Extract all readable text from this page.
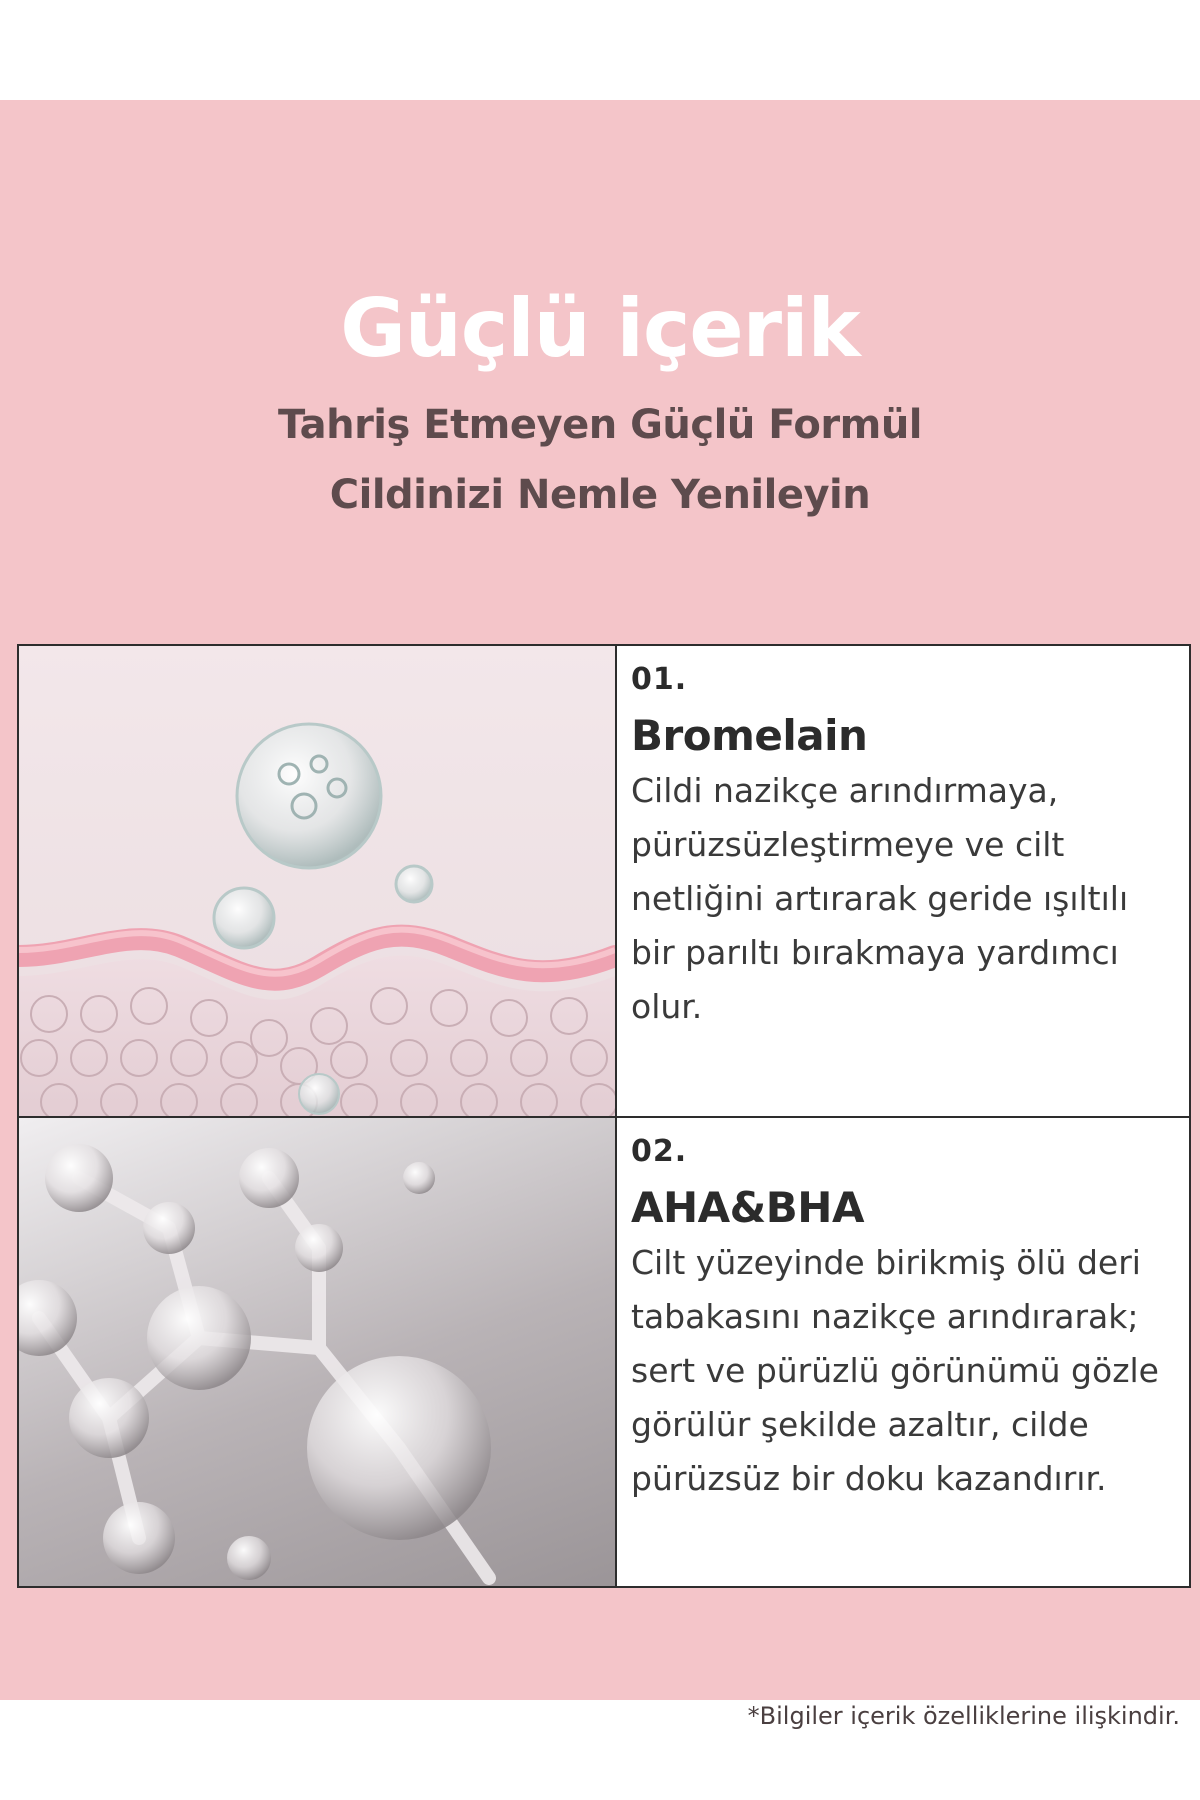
Güçlü içerik
Tahriş Etmeyen Güçlü Formül
Cildinizi Nemle Yenileyin
01.
Bromelain
Cildi nazikçe arındırmaya,
pürüzsüzleştirmeye ve cilt
netliğini artırarak geride ışıltılı
bir parıltı bırakmaya yardımcı
olur.
02.
AHA&BHA
Cilt yüzeyinde birikmiş ölü deri
tabakasını nazikçe arındırarak;
sert ve pürüzlü görünümü gözle
görülür şekilde azaltır, cilde
pürüzsüz bir doku kazandırır.
*Bilgiler içerik özelliklerine ilişkindir.
